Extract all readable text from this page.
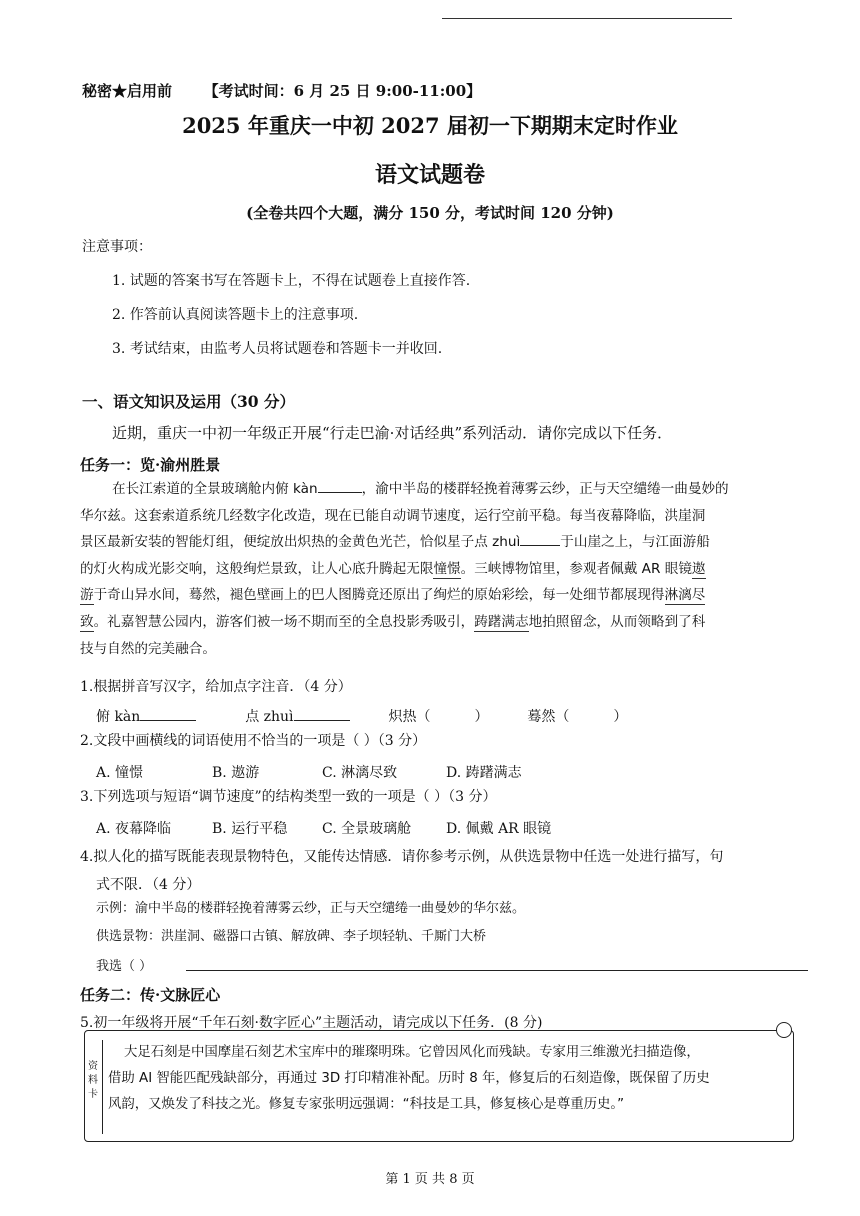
秘密★启用前 【考试时间：6 月 25 日 9:00-11:00】
2025 年重庆一中初 2027 届初一下期期末定时作业
语文试题卷
(全卷共四个大题，满分 150 分，考试时间 120 分钟)
注意事项：
1. 试题的答案书写在答题卡上，不得在试题卷上直接作答.
2. 作答前认真阅读答题卡上的注意事项.
3. 考试结束，由监考人员将试题卷和答题卡一并收回.
一、语文知识及运用（30 分）
近期，重庆一中初一年级正开展“行走巴渝·对话经典”系列活动．请你完成以下任务．
任务一：览·渝州胜景
在长江索道的全景玻璃舱内俯 kàn	，渝中半岛的楼群轻挽着薄雾云纱，正与天空缱绻一曲曼妙的
华尔兹。这套索道系统几经数字化改造，现在已能自动调节速度，运行空前平稳。每当夜幕降临，洪崖洞
景区最新安装的智能灯组，便绽放出炽热的金黄色光芒，恰似星子点 zhuì	于山崖之上，与江面游船
的灯火构成光影交响，这般绚烂景致，让人心底升腾起无限憧憬。三峡博物馆里，参观者佩戴 AR 眼镜遨
游于奇山异水间，蓦然，褪色壁画上的巴人图腾竟还原出了绚烂的原始彩绘，每一处细节都展现得淋漓尽
致。礼嘉智慧公园内，游客们被一场不期而至的全息投影秀吸引，踌躇满志地拍照留念，从而领略到了科
技与自然的完美融合。
1.根据拼音写汉字，给加点字注音．（4 分）
俯 kàn	点 zhuì	炽热（	）	蓦然（	）
2.文段中画横线的词语使用不恰当的一项是（ ）（3 分）
A. 憧憬	B. 遨游	C. 淋漓尽致	D. 踌躇满志
3.下列选项与短语“调节速度”的结构类型一致的一项是（ ）（3 分）
A. 夜幕降临	B. 运行平稳 C. 全景玻璃舱 D. 佩戴 AR 眼镜
4.拟人化的描写既能表现景物特色，又能传达情感．请你参考示例，从供选景物中任选一处进行描写，句
式不限．（4 分）
示例：渝中半岛的楼群轻挽着薄雾云纱，正与天空缱绻一曲曼妙的华尔兹。
供选景物：洪崖洞、磁器口古镇、解放碑、李子坝轻轨、千厮门大桥
我选（ ）
任务二：传·文脉匠心
5.初一年级将开展“千年石刻·数字匠心”主题活动，请完成以下任务．(8 分)
资料卡
大足石刻是中国摩崖石刻艺术宝库中的璀璨明珠。它曾因风化而残缺。专家用三维激光扫描造像，
借助 AI 智能匹配残缺部分，再通过 3D 打印精准补配。历时 8 年，修复后的石刻造像，既保留了历史
风韵，又焕发了科技之光。修复专家张明远强调：“科技是工具，修复核心是尊重历史。”
第 1 页 共 8 页
